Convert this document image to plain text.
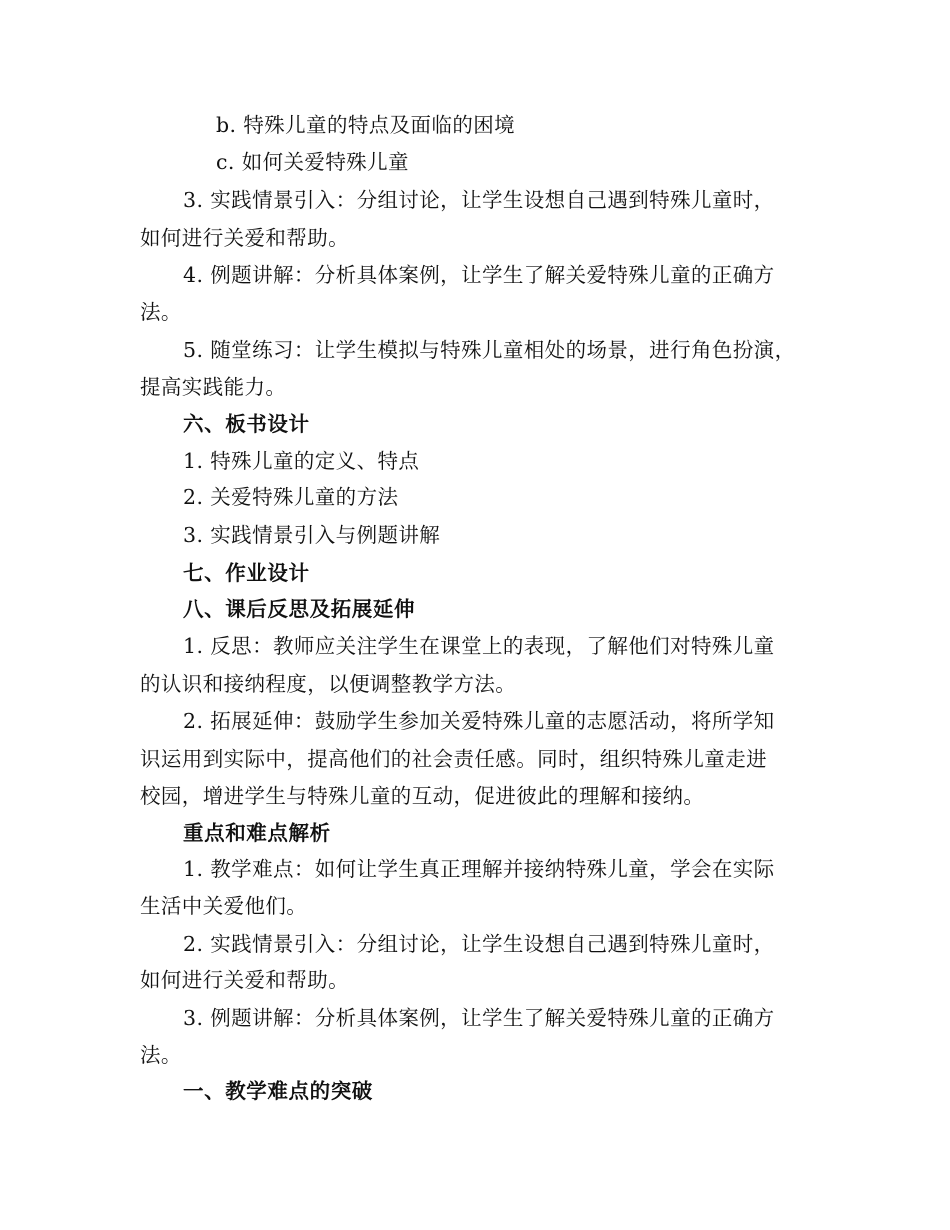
b. 特殊儿童的特点及面临的困境
c. 如何关爱特殊儿童
3. 实践情景引入：分组讨论，让学生设想自己遇到特殊儿童时，
如何进行关爱和帮助。
4. 例题讲解：分析具体案例，让学生了解关爱特殊儿童的正确方
法。
5. 随堂练习：让学生模拟与特殊儿童相处的场景，进行角色扮演，
提高实践能力。
六、板书设计
1. 特殊儿童的定义、特点
2. 关爱特殊儿童的方法
3. 实践情景引入与例题讲解
七、作业设计
八、课后反思及拓展延伸
1. 反思：教师应关注学生在课堂上的表现，了解他们对特殊儿童
的认识和接纳程度，以便调整教学方法。
2. 拓展延伸：鼓励学生参加关爱特殊儿童的志愿活动，将所学知
识运用到实际中，提高他们的社会责任感。同时，组织特殊儿童走进
校园，增进学生与特殊儿童的互动，促进彼此的理解和接纳。
重点和难点解析
1. 教学难点：如何让学生真正理解并接纳特殊儿童，学会在实际
生活中关爱他们。
2. 实践情景引入：分组讨论，让学生设想自己遇到特殊儿童时，
如何进行关爱和帮助。
3. 例题讲解：分析具体案例，让学生了解关爱特殊儿童的正确方
法。
一、教学难点的突破
